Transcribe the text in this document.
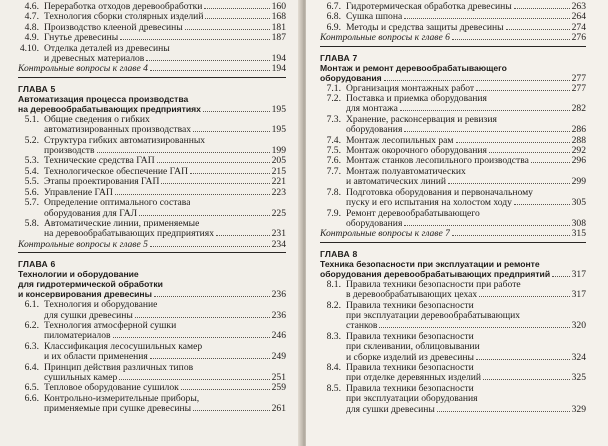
4.6. Переработка отходов деревообработки	160
4.7. Технология сборки столярных изделий	168
4.8. Производство клееной древесины	181
4.9. Гнутье древесины	187
4.10. Отделка деталей из древесины
и древесных материалов	194
Контрольные вопросы к главе 4	194
ГЛАВА 5
Автоматизация процесса производства
на деревообрабатывающих предприятиях	195
5.1. Общие сведения о гибких
автоматизированных производствах	195
5.2. Структура гибких автоматизированных
производств	199
5.3. Технические средства ГАП	205
5.4. Технологическое обеспечение ГАП	215
5.5. Этапы проектирования ГАП	221
5.6. Управление ГАП	223
5.7. Определение оптимального состава
оборудования для ГАЛ	225
5.8. Автоматические линии, применяемые
на деревообрабатывающих предприятиях	231
Контрольные вопросы к главе 5	234
ГЛАВА 6
Технологии и оборудование
для гидротермической обработки
и консервирования древесины	236
6.1. Технология и оборудование
для сушки древесины	236
6.2. Технология атмосферной сушки
пиломатериалов	246
6.3. Классификация лесосушильных камер
и их области применения	249
6.4. Принцип действия различных типов
сушильных камер	251
6.5. Тепловое оборудование сушилок	259
6.6. Контрольно-измерительные приборы,
применяемые при сушке древесины	261
6.7. Гидротермическая обработка древесины	263
6.8. Сушка шпона	264
6.9. Методы и средства защиты древесины	274
Контрольные вопросы к главе 6	276
ГЛАВА 7
Монтаж и ремонт деревообрабатывающего
оборудования	277
7.1. Организация монтажных работ	277
7.2. Поставка и приемка оборудования
для монтажа	282
7.3. Хранение, расконсервация и ревизия
оборудования	286
7.4. Монтаж лесопильных рам	288
7.5. Монтаж окорочного оборудования	292
7.6. Монтаж станков лесопильного производства	296
7.7. Монтаж полуавтоматических
и автоматических линий	299
7.8. Подготовка оборудования и первоначальному
пуску и его испытания на холостом ходу	305
7.9. Ремонт деревообрабатывающего
оборудования	308
Контрольные вопросы к главе 7	315
ГЛАВА 8
Техника безопасности при эксплуатации и ремонте
оборудования деревообрабатывающих предприятий 317
8.1. Правила техники безопасности при работе
в деревообрабатывающих цехах	317
8.2. Правила техники безопасности
при эксплуатации деревообрабатывающих
станков	320
8.3. Правила техники безопасности
при склеивании, облицовывании
и сборке изделий из древесины	324
8.4. Правила техники безопасности
при отделке деревянных изделий	325
8.5. Правила техники безопасности
при эксплуатации оборудования
для сушки древесины	329
